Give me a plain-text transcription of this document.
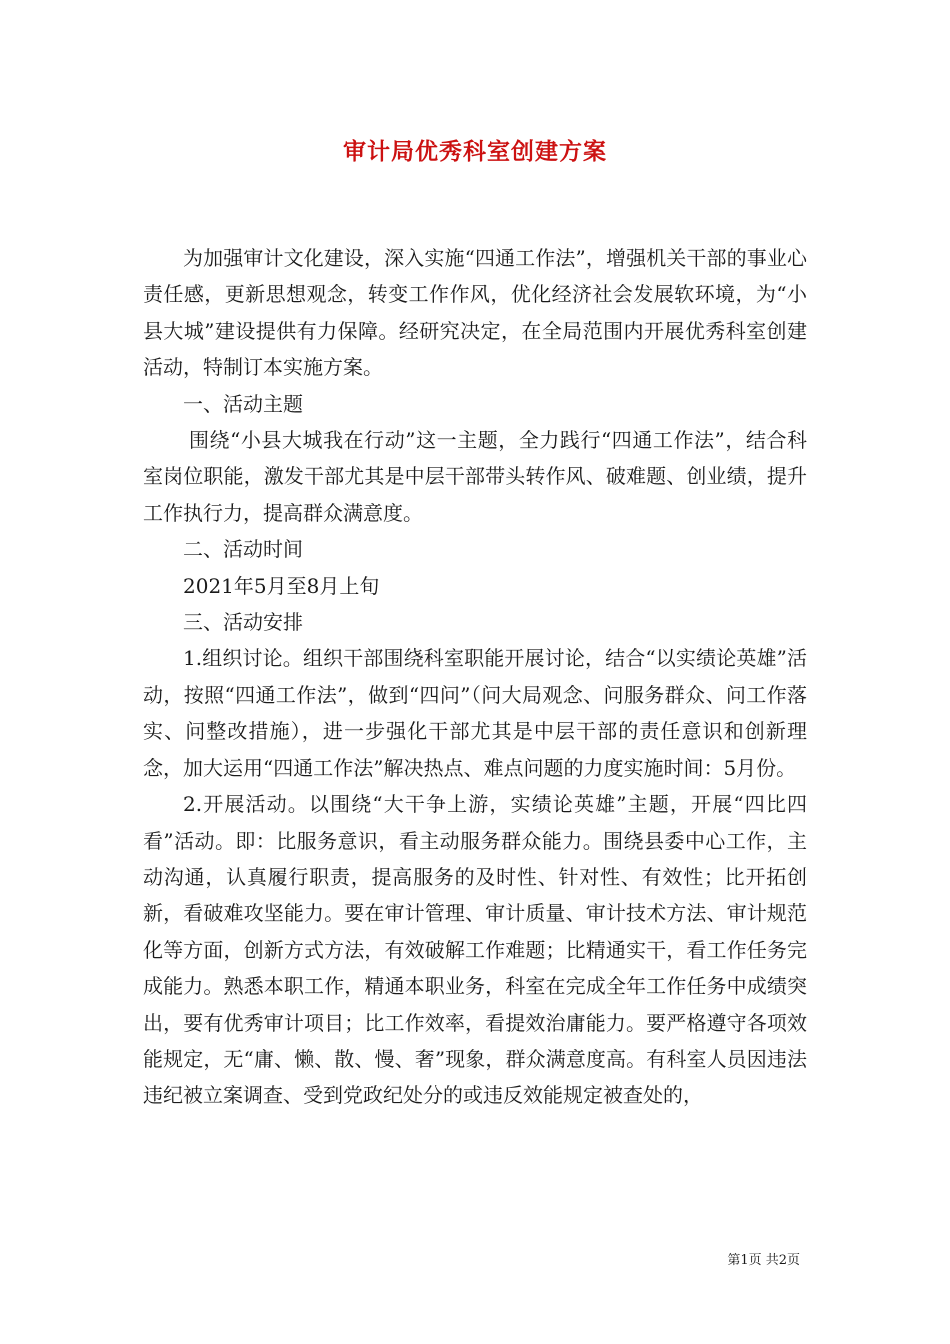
审计局优秀科室创建方案

为加强审计文化建设，深入实施“四通工作法”，增强机关干部的事业心责任感，更新思想观念，转变工作作风，优化经济社会发展软环境，为“小县大城”建设提供有力保障。经研究决定，在全局范围内开展优秀科室创建活动，特制订本实施方案。

一、活动主题

围绕“小县大城我在行动”这一主题，全力践行“四通工作法”，结合科室岗位职能，激发干部尤其是中层干部带头转作风、破难题、创业绩，提升工作执行力，提高群众满意度。

二、活动时间

2021年5月至8月上旬

三、活动安排

1.组织讨论。组织干部围绕科室职能开展讨论，结合“以实绩论英雄”活动，按照“四通工作法”，做到“四问”（问大局观念、问服务群众、问工作落实、问整改措施），进一步强化干部尤其是中层干部的责任意识和创新理念，加大运用“四通工作法”解决热点、难点问题的力度实施时间：5月份。

2.开展活动。以围绕“大干争上游，实绩论英雄”主题，开展“四比四看”活动。即：比服务意识，看主动服务群众能力。围绕县委中心工作，主动沟通，认真履行职责，提高服务的及时性、针对性、有效性；比开拓创新，看破难攻坚能力。要在审计管理、审计质量、审计技术方法、审计规范化等方面，创新方式方法，有效破解工作难题；比精通实干，看工作任务完成能力。熟悉本职工作，精通本职业务，科室在完成全年工作任务中成绩突出，要有优秀审计项目；比工作效率，看提效治庸能力。要严格遵守各项效能规定，无“庸、懒、散、慢、奢”现象，群众满意度高。有科室人员因违法违纪被立案调查、受到党政纪处分的或违反效能规定被查处的，

第1页 共2页
